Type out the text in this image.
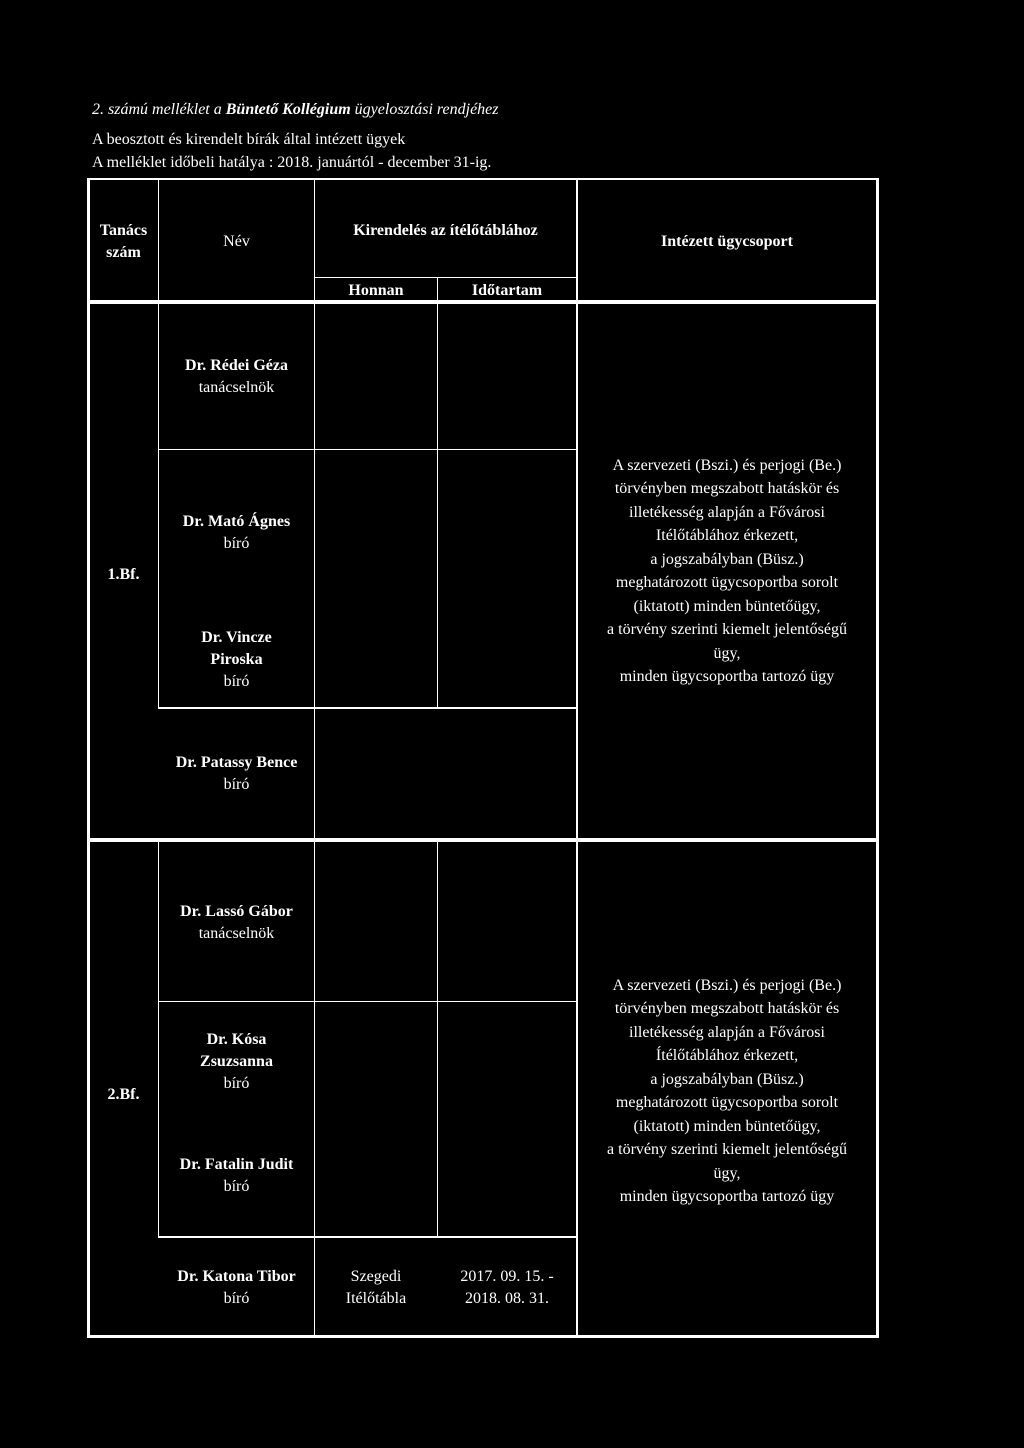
2. számú melléklet a Büntető Kollégium ügyelosztási rendjéhez
A beosztott és kirendelt bírák által intézett ügyek
A melléklet időbeli hatálya : 2018. januártól - december 31-ig.
Tanács
szám
Név
Kirendelés az ítélőtáblához
Honnan	Időtartam
Intézett ügycsoport
1.Bf.
Dr. Rédei Géza
tanácselnök
Dr. Mató Ágnes
bíró
Dr. Vincze
Piroska
bíró
Dr. Patassy Bence
bíró
A szervezeti (Bszi.) és perjogi (Be.)
törvényben megszabott hatáskör és
illetékesség alapján a Fővárosi
Itélőtáblához érkezett,
a jogszabályban (Büsz.)
meghatározott ügycsoportba sorolt
(iktatott) minden büntetőügy,
a törvény szerinti kiemelt jelentőségű
ügy,
minden ügycsoportba tartozó ügy
2.Bf.
Dr. Lassó Gábor
tanácselnök
Dr. Kósa
Zsuzsanna
bíró
Dr. Fatalin Judit
bíró
Dr. Katona Tibor
bíró
Szegedi
Itélőtábla
2017. 09. 15. -
2018. 08. 31.
A szervezeti (Bszi.) és perjogi (Be.)
törvényben megszabott hatáskör és
illetékesség alapján a Fővárosi
Ítélőtáblához érkezett,
a jogszabályban (Büsz.)
meghatározott ügycsoportba sorolt
(iktatott) minden büntetőügy,
a törvény szerinti kiemelt jelentőségű
ügy,
minden ügycsoportba tartozó ügy
